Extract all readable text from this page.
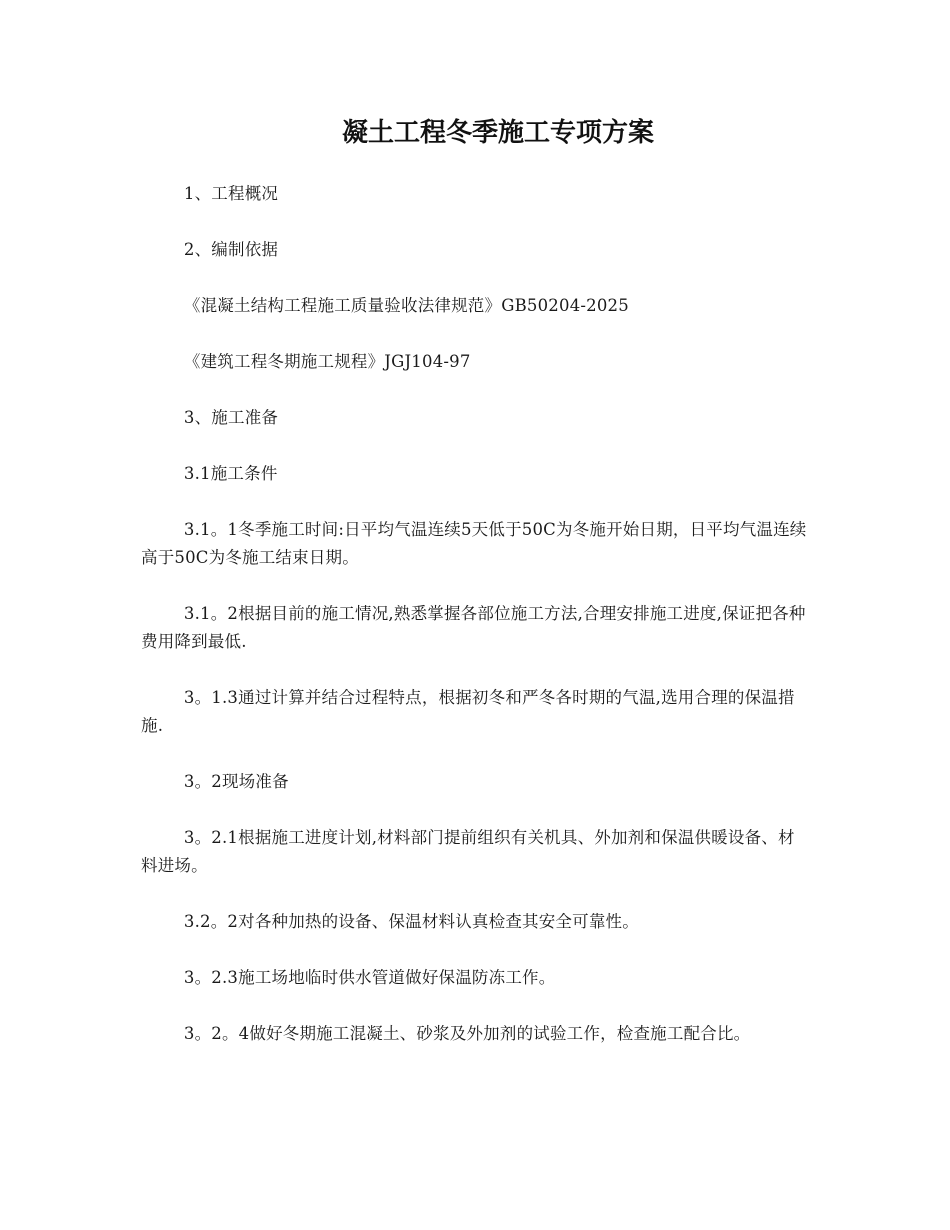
凝土工程冬季施工专项方案

1、工程概况

2、编制依据

《混凝土结构工程施工质量验收法律规范》GB50204-2025

《建筑工程冬期施工规程》JGJ104-97

3、施工准备

3.1施工条件

3.1。1冬季施工时间:日平均气温连续5天低于50C为冬施开始日期，日平均气温连续高于50C为冬施工结束日期。

3.1。2根据目前的施工情况,熟悉掌握各部位施工方法,合理安排施工进度,保证把各种费用降到最低.

3。1.3通过计算并结合过程特点，根据初冬和严冬各时期的气温,选用合理的保温措施.

3。2现场准备

3。2.1根据施工进度计划,材料部门提前组织有关机具、外加剂和保温供暖设备、材料进场。

3.2。2对各种加热的设备、保温材料认真检查其安全可靠性。

3。2.3施工场地临时供水管道做好保温防冻工作。

3。2。4做好冬期施工混凝土、砂浆及外加剂的试验工作，检查施工配合比。
